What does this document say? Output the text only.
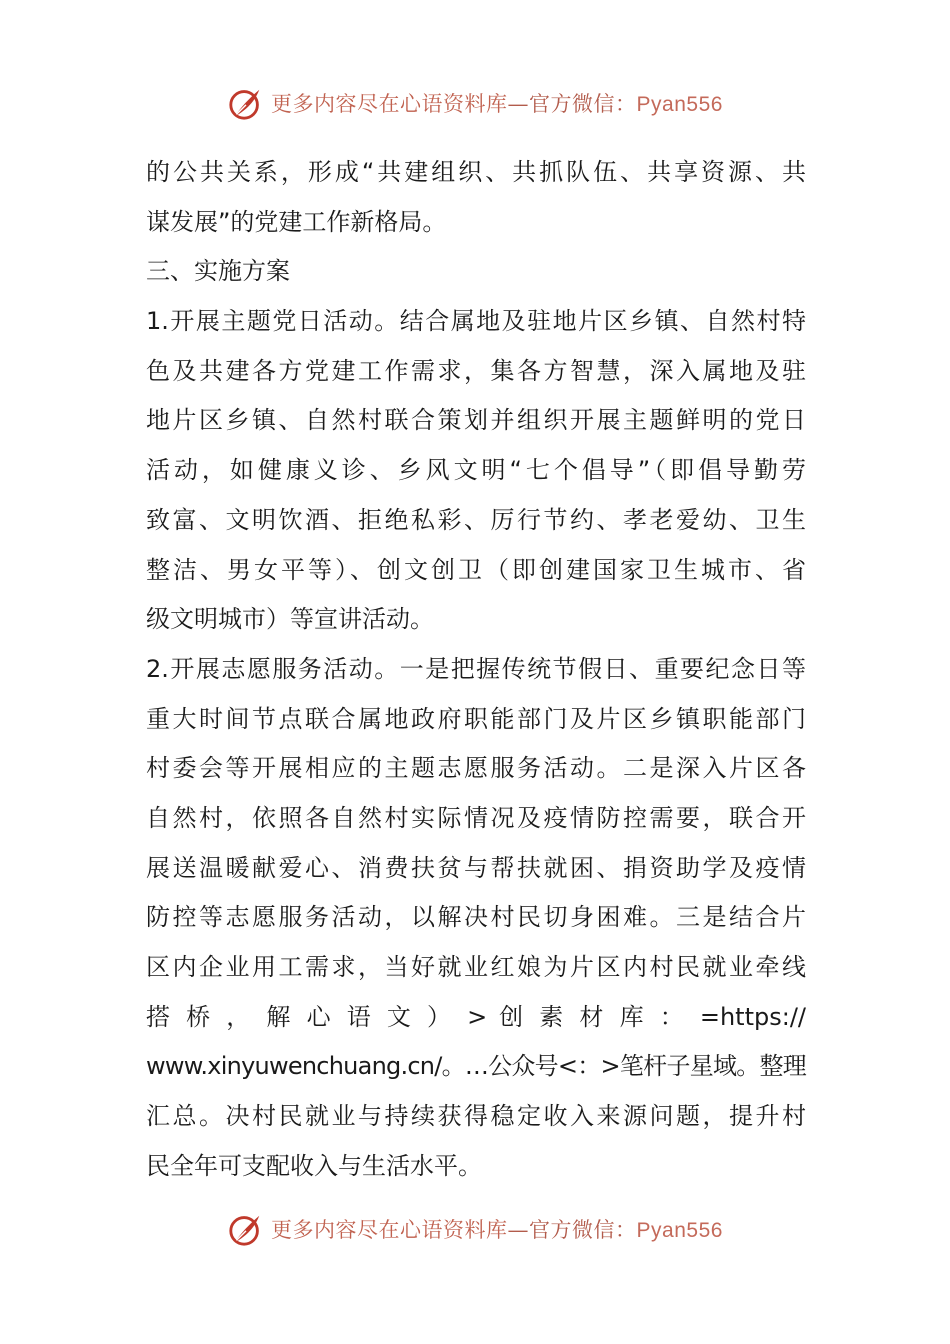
更多内容尽在心语资料库—官方微信：Pyan556
的公共关系，形成“共建组织、共抓队伍、共享资源、共
谋发展”的党建工作新格局。
三、实施方案
1.开展主题党日活动。结合属地及驻地片区乡镇、自然村特
色及共建各方党建工作需求，集各方智慧，深入属地及驻
地片区乡镇、自然村联合策划并组织开展主题鲜明的党日
活动，如健康义诊、乡风文明“七个倡导”（即倡导勤劳
致富、文明饮酒、拒绝私彩、厉行节约、孝老爱幼、卫生
整洁、男女平等）、创文创卫（即创建国家卫生城市、省
级文明城市）等宣讲活动。
2.开展志愿服务活动。一是把握传统节假日、重要纪念日等
重大时间节点联合属地政府职能部门及片区乡镇职能部门
村委会等开展相应的主题志愿服务活动。二是深入片区各
自然村，依照各自然村实际情况及疫情防控需要，联合开
展送温暖献爱心、消费扶贫与帮扶就困、捐资助学及疫情
防控等志愿服务活动，以解决村民切身困难。三是结合片
区内企业用工需求，当好就业红娘为片区内村民就业牵线
搭 桥 ， 解 心 语 文 ） > 创 素 材 库 ： =https://
www.xinyuwenchuang.cn/。…公众号<：>笔杆子星域。整理
汇总。决村民就业与持续获得稳定收入来源问题，提升村
民全年可支配收入与生活水平。
更多内容尽在心语资料库—官方微信：Pyan556
